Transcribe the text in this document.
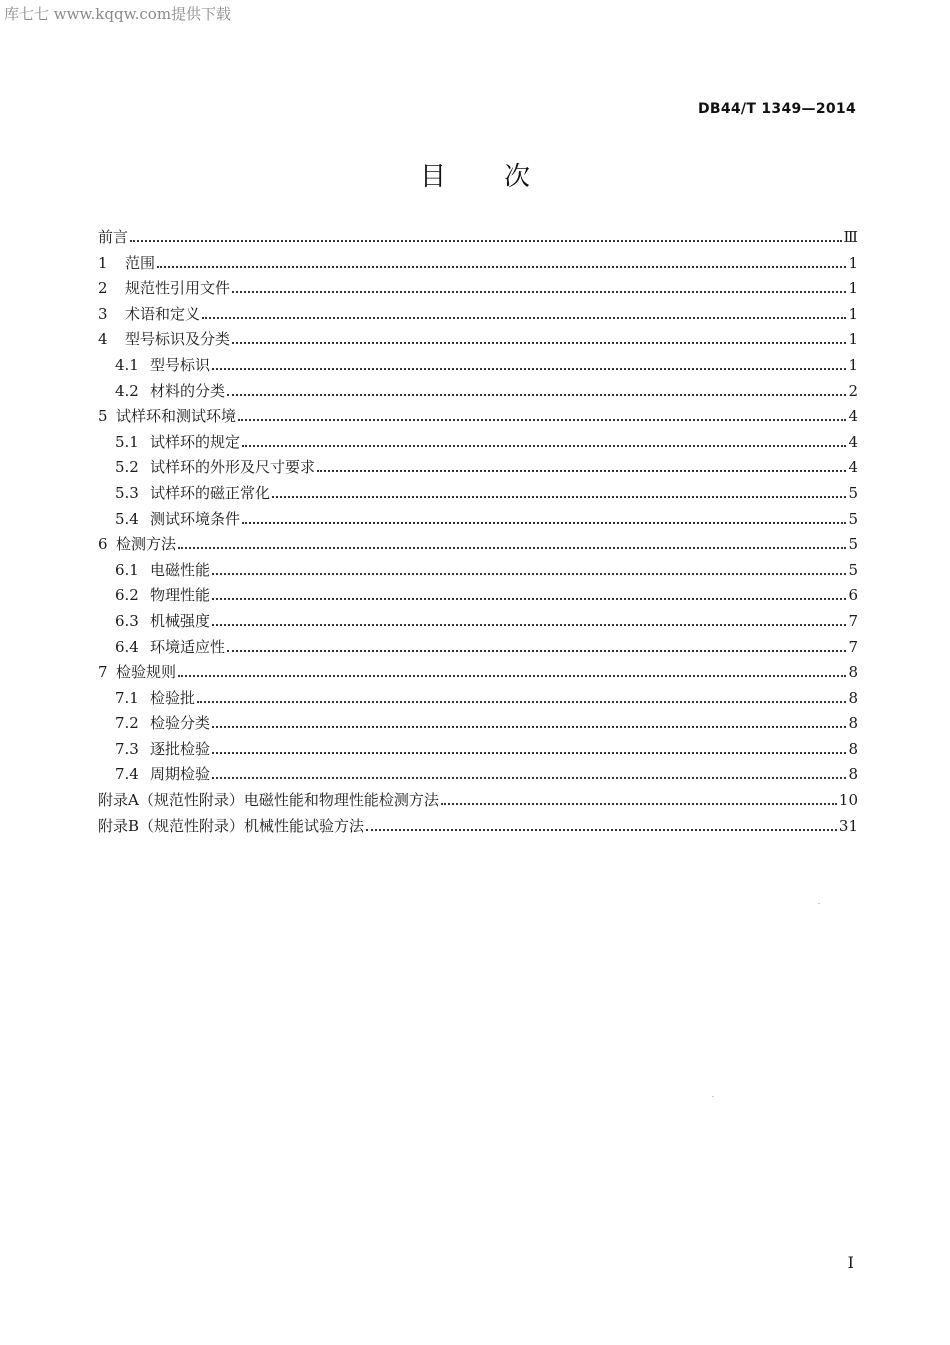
库七七 www.kqqw.com提供下载
DB44/T 1349—2014
目 次
前言	Ⅲ
1	范围	1
2	规范性引用文件	1
3	术语和定义	1
4	型号标识及分类	1
4.1 型号标识	1
4.2 材料的分类	2
5 试样环和测试环境	4
5.1 试样环的规定	4
5.2 试样环的外形及尺寸要求	4
5.3 试样环的磁正常化	5
5.4 测试环境条件	5
6 检测方法	5
6.1 电磁性能	5
6.2 物理性能	6
6.3 机械强度	7
6.4 环境适应性	7
7 检验规则	8
7.1 检验批	8
7.2 检验分类	8
7.3 逐批检验	8
7.4 周期检验	8
附录A（规范性附录）电磁性能和物理性能检测方法	10
附录B（规范性附录）机械性能试验方法	31
I
